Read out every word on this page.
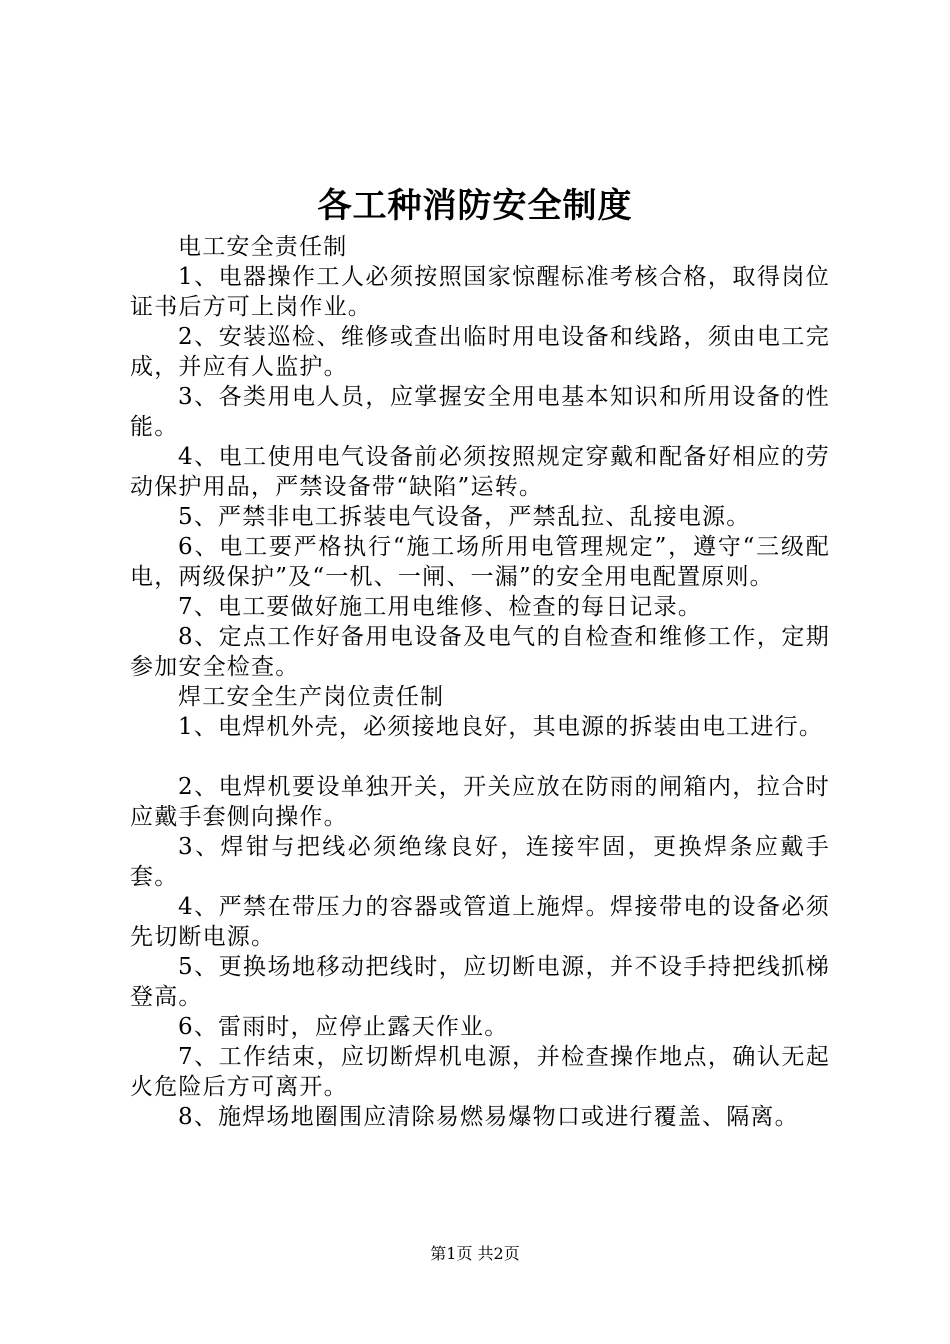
各工种消防安全制度

电工安全责任制

1、电器操作工人必须按照国家惊醒标准考核合格，取得岗位证书后方可上岗作业。

2、安装巡检、维修或查出临时用电设备和线路，须由电工完成，并应有人监护。

3、各类用电人员，应掌握安全用电基本知识和所用设备的性能。

4、电工使用电气设备前必须按照规定穿戴和配备好相应的劳动保护用品，严禁设备带“缺陷”运转。

5、严禁非电工拆装电气设备，严禁乱拉、乱接电源。

6、电工要严格执行“施工场所用电管理规定”，遵守“三级配电，两级保护”及“一机、一闸、一漏”的安全用电配置原则。

7、电工要做好施工用电维修、检查的每日记录。

8、定点工作好备用电设备及电气的自检查和维修工作，定期参加安全检查。

焊工安全生产岗位责任制

1、电焊机外壳，必须接地良好，其电源的拆装由电工进行。

2、电焊机要设单独开关，开关应放在防雨的闸箱内，拉合时应戴手套侧向操作。

3、焊钳与把线必须绝缘良好，连接牢固，更换焊条应戴手套。

4、严禁在带压力的容器或管道上施焊。焊接带电的设备必须先切断电源。

5、更换场地移动把线时，应切断电源，并不设手持把线抓梯登高。

6、雷雨时，应停止露天作业。

7、工作结束，应切断焊机电源，并检查操作地点，确认无起火危险后方可离开。

8、施焊场地圈围应清除易燃易爆物口或进行覆盖、隔离。

第1页 共2页
